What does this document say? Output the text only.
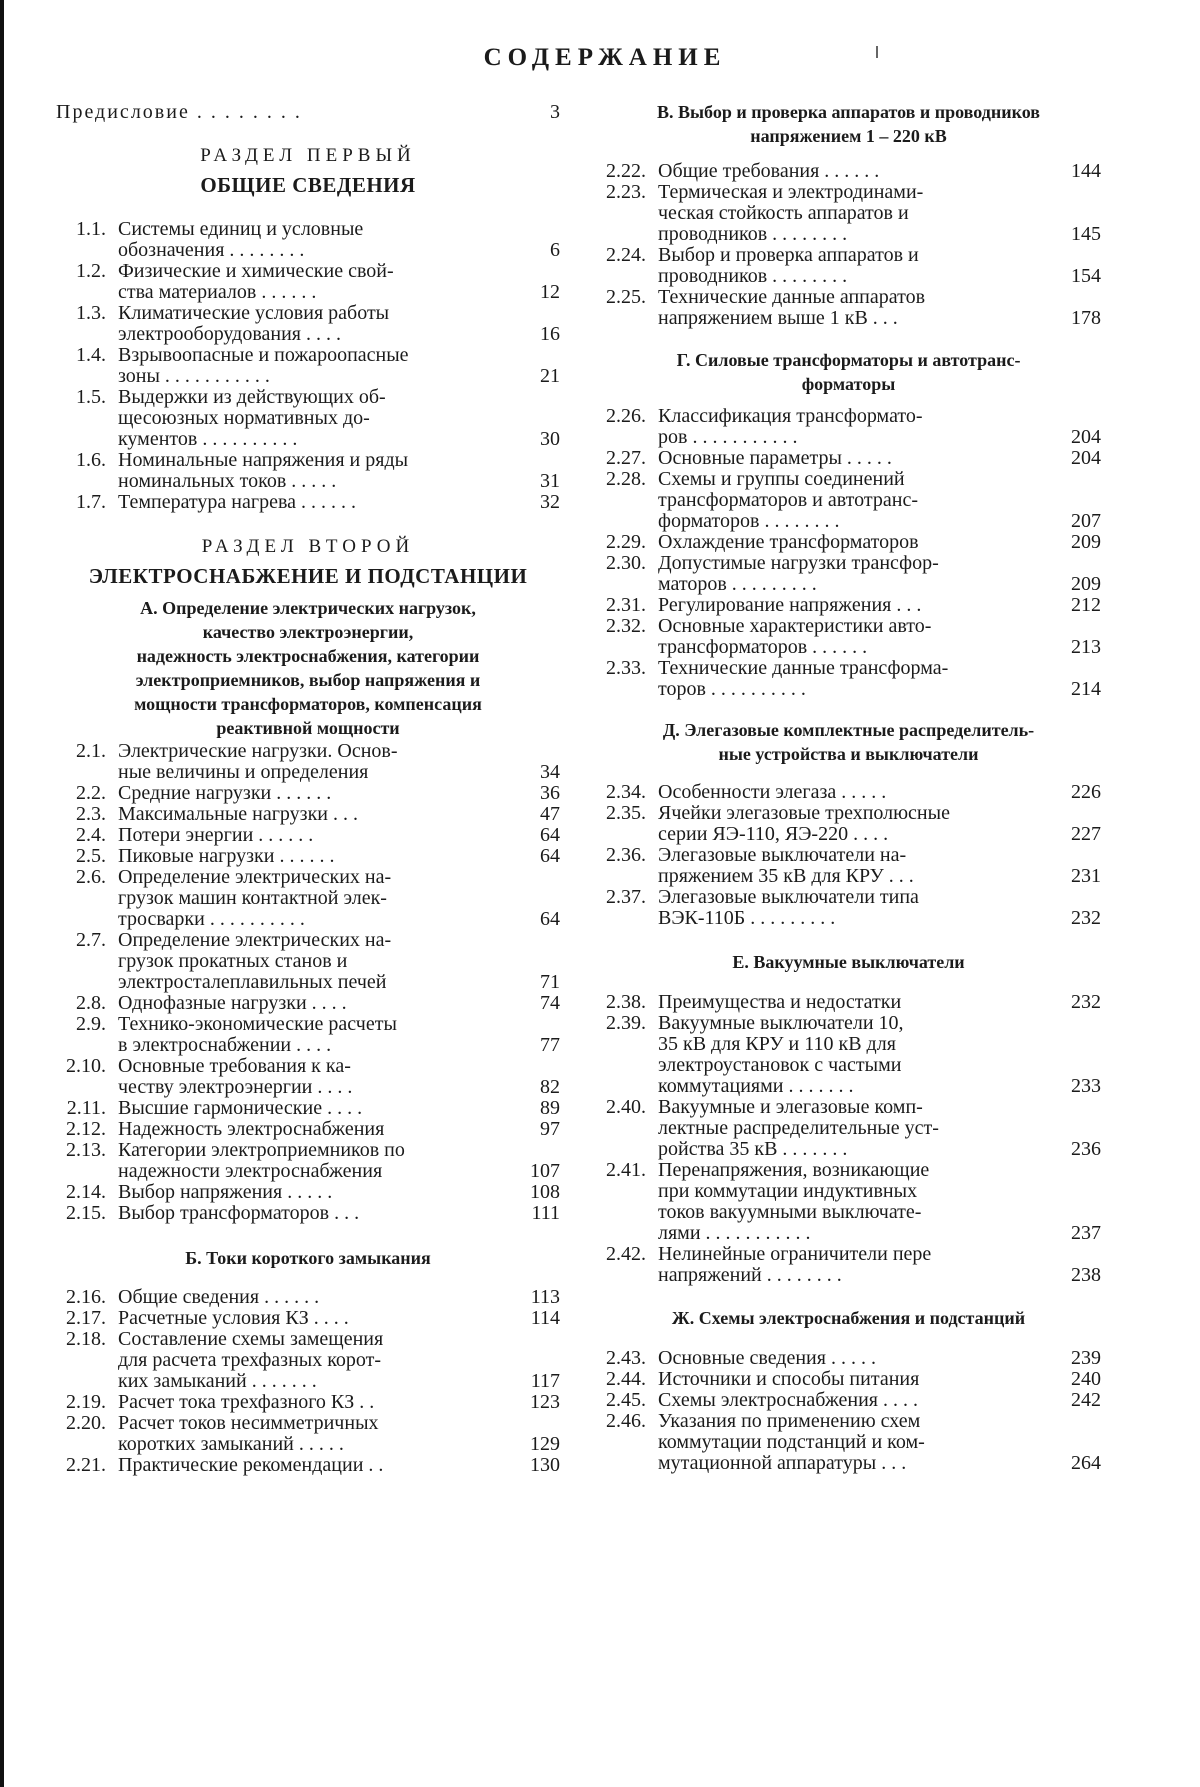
СОДЕРЖАНИЕ
Предисловие . . . . . . . .	3
РАЗДЕЛ ПЕРВЫЙ
ОБЩИЕ СВЕДЕНИЯ
1.1. Системы единиц и условные
обозначения . . . . . . . .	6
1.2. Физические и химические свой-
ства материалов . . . . . .	12
1.3. Климатические условия работы
электрооборудования . . . .	16
1.4. Взрывоопасные и пожароопасные
зоны . . . . . . . . . . .	21
1.5. Выдержки из действующих об-
щесоюзных нормативных до-
кументов . . . . . . . . . .	30
1.6. Номинальные напряжения и ряды
номинальных токов . . . . .	31
1.7. Температура нагрева . . . . . .	32
РАЗДЕЛ ВТОРОЙ
ЭЛЕКТРОСНАБЖЕНИЕ И ПОДСТАНЦИИ
А. Определение электрических нагрузок,
качество электроэнергии,
надежность электроснабжения, категории
электроприемников, выбор напряжения и
мощности трансформаторов, компенсация
реактивной мощности
2.1. Электрические нагрузки. Основ-
ные величины и определения	34
2.2. Средние нагрузки . . . . . .	36
2.3. Максимальные нагрузки . . .	47
2.4. Потери энергии . . . . . .	64
2.5. Пиковые нагрузки . . . . . .	64
2.6. Определение электрических на-
грузок машин контактной элек-
тросварки . . . . . . . . . .	64
2.7. Определение электрических на-
грузок прокатных станов и
электросталеплавильных печей	71
2.8. Однофазные нагрузки . . . .	74
2.9. Технико-экономические расчеты
в электроснабжении . . . .	77
2.10. Основные требования к ка-
честву электроэнергии . . . .	82
2.11. Высшие гармонические . . . .	89
2.12. Надежность электроснабжения	97
2.13. Категории электроприемников по
надежности электроснабжения	107
2.14. Выбор напряжения . . . . .	108
2.15. Выбор трансформаторов . . .	111
Б. Токи короткого замыкания
2.16. Общие сведения . . . . . .	113
2.17. Расчетные условия КЗ . . . .	114
2.18. Составление схемы замещения
для расчета трехфазных корот-
ких замыканий . . . . . . .	117
2.19. Расчет тока трехфазного КЗ . .	123
2.20. Расчет токов несимметричных
коротких замыканий . . . . .	129
2.21. Практические рекомендации . .	130
В. Выбор и проверка аппаратов и проводников
напряжением 1 – 220 кВ
2.22. Общие требования . . . . . .	144
2.23. Термическая и электродинами-
ческая стойкость аппаратов и
проводников . . . . . . . .	145
2.24. Выбор и проверка аппаратов и
проводников . . . . . . . .	154
2.25. Технические данные аппаратов
напряжением выше 1 кВ . . .	178
Г. Силовые трансформаторы и автотранс-
форматоры
2.26. Классификация трансформато-
ров . . . . . . . . . . .	204
2.27. Основные параметры . . . . .	204
2.28. Схемы и группы соединений
трансформаторов и автотранс-
форматоров . . . . . . . .	207
2.29. Охлаждение трансформаторов	209
2.30. Допустимые нагрузки трансфор-
маторов . . . . . . . . .	209
2.31. Регулирование напряжения . . .	212
2.32. Основные характеристики авто-
трансформаторов . . . . . .	213
2.33. Технические данные трансформа-
торов . . . . . . . . . .	214
Д. Элегазовые комплектные распределитель-
ные устройства и выключатели
2.34. Особенности элегаза . . . . .	226
2.35. Ячейки элегазовые трехполюсные
серии ЯЭ-110, ЯЭ-220 . . . .	227
2.36. Элегазовые выключатели на-
пряжением 35 кВ для КРУ . . .	231
2.37. Элегазовые выключатели типа
ВЭК-110Б . . . . . . . . .	232
Е. Вакуумные выключатели
2.38. Преимущества и недостатки	232
2.39. Вакуумные выключатели 10,
35 кВ для КРУ и 110 кВ для
электроустановок с частыми
коммутациями . . . . . . .	233
2.40. Вакуумные и элегазовые комп-
лектные распределительные уст-
ройства 35 кВ . . . . . . .	236
2.41. Перенапряжения, возникающие
при коммутации индуктивных
токов вакуумными выключате-
лями . . . . . . . . . . .	237
2.42. Нелинейные ограничители пере
напряжений . . . . . . . .	238
Ж. Схемы электроснабжения и подстанций
2.43. Основные сведения . . . . .	239
2.44. Источники и способы питания	240
2.45. Схемы электроснабжения . . . .	242
2.46. Указания по применению схем
коммутации подстанций и ком-
мутационной аппаратуры . . .	264
